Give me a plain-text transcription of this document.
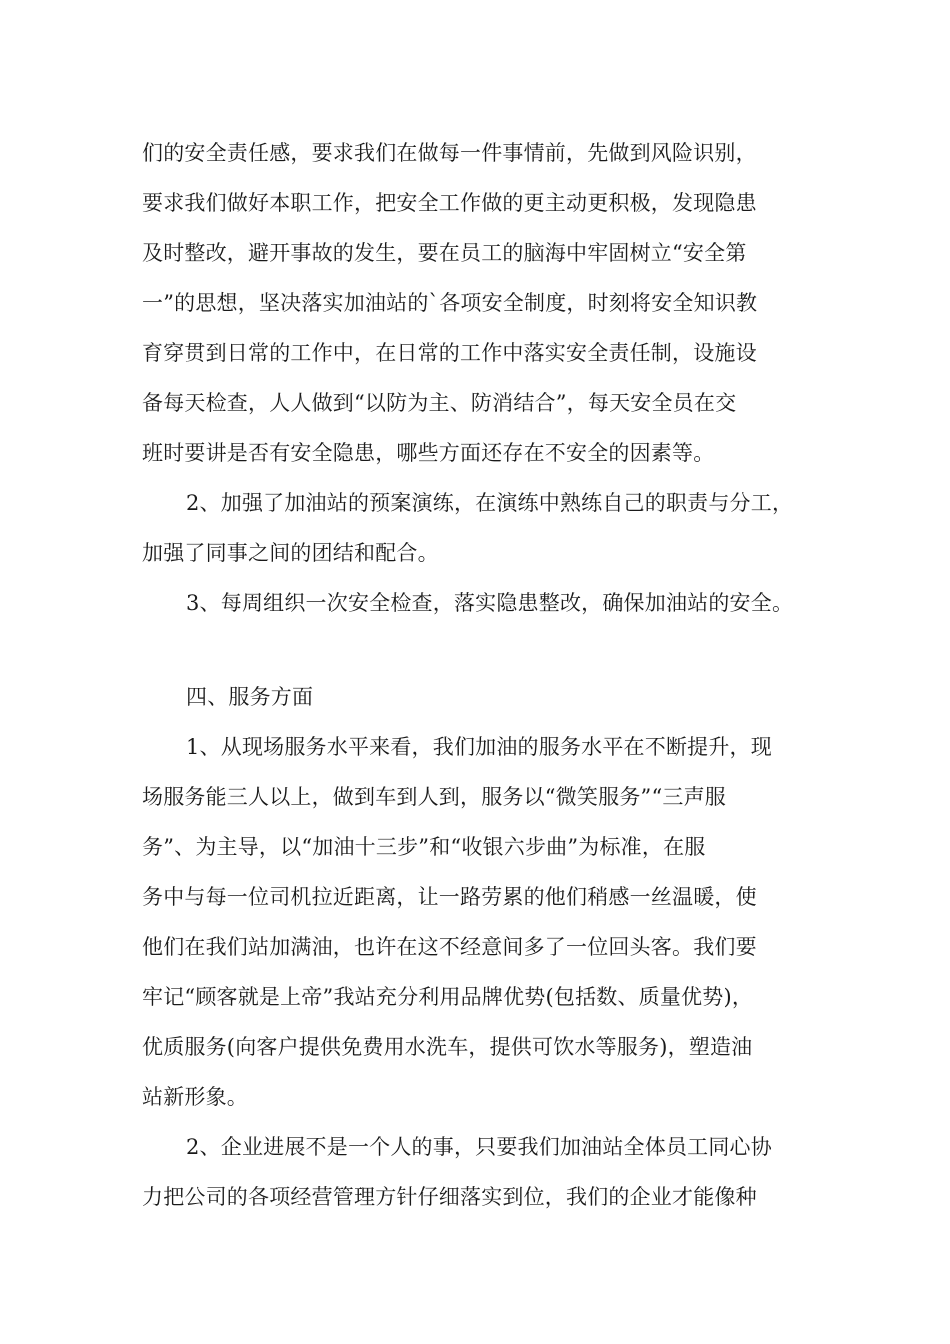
们的安全责任感，要求我们在做每一件事情前，先做到风险识别，
要求我们做好本职工作，把安全工作做的更主动更积极，发现隐患
及时整改，避开事故的发生，要在员工的脑海中牢固树立“安全第
一”的思想，坚决落实加油站的`各项安全制度，时刻将安全知识教
育穿贯到日常的工作中，在日常的工作中落实安全责任制，设施设
备每天检查，人人做到“以防为主、防消结合”，每天安全员在交
班时要讲是否有安全隐患，哪些方面还存在不安全的因素等。
2、加强了加油站的预案演练，在演练中熟练自己的职责与分工，
加强了同事之间的团结和配合。
3、每周组织一次安全检查，落实隐患整改，确保加油站的安全。
四、服务方面
1、从现场服务水平来看，我们加油的服务水平在不断提升，现
场服务能三人以上，做到车到人到，服务以“微笑服务”“三声服
务”、为主导，以“加油十三步”和“收银六步曲”为标准，在服
务中与每一位司机拉近距离，让一路劳累的他们稍感一丝温暖，使
他们在我们站加满油，也许在这不经意间多了一位回头客。我们要
牢记“顾客就是上帝”我站充分利用品牌优势(包括数、质量优势)，
优质服务(向客户提供免费用水洗车，提供可饮水等服务)，塑造油
站新形象。
2、企业进展不是一个人的事，只要我们加油站全体员工同心协
力把公司的各项经营管理方针仔细落实到位，我们的企业才能像种
